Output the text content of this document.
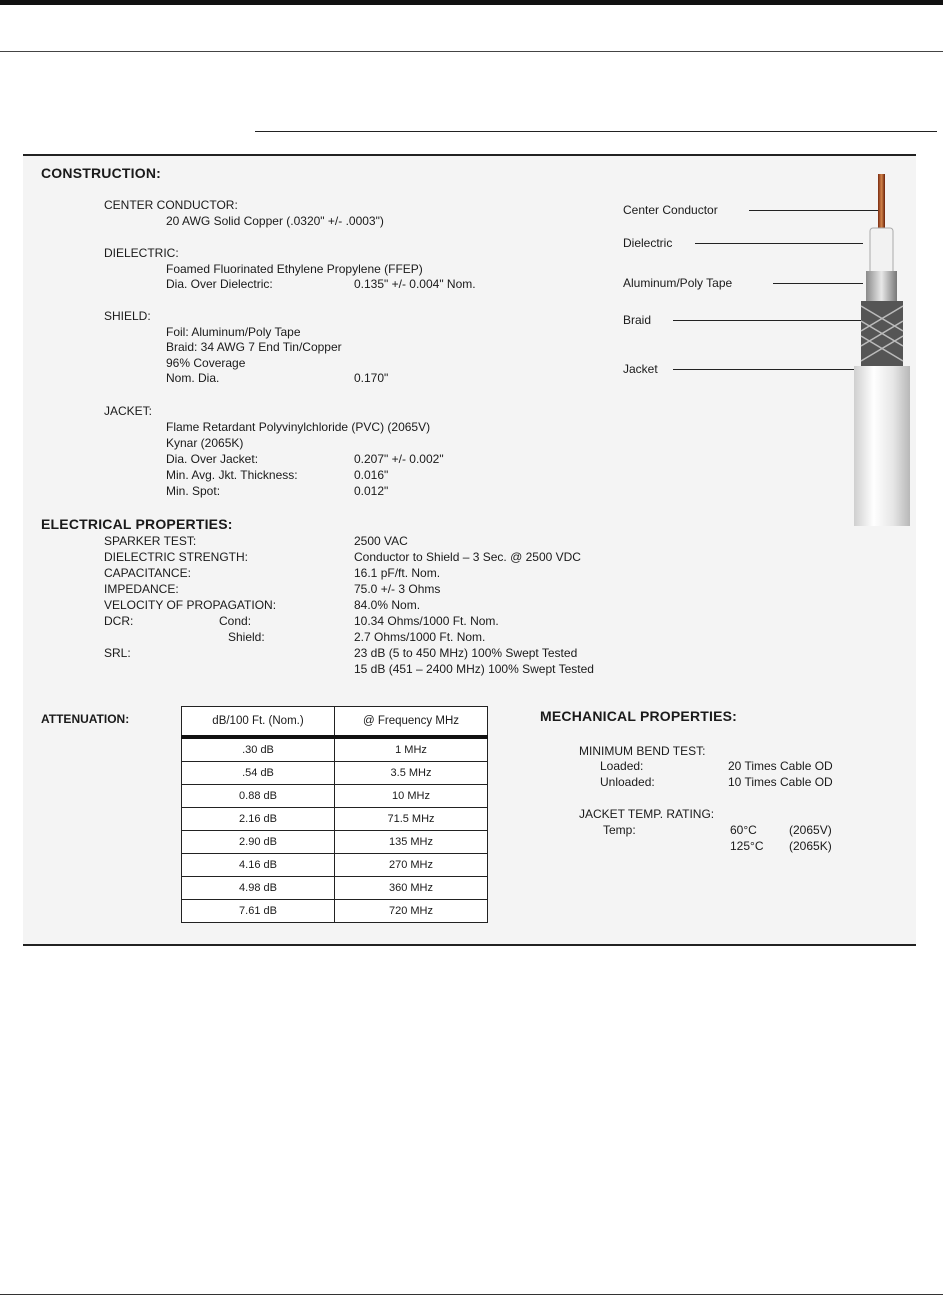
CONSTRUCTION:
CENTER CONDUCTOR:
20 AWG Solid Copper (.0320" +/- .0003")
DIELECTRIC:
Foamed Fluorinated Ethylene Propylene (FFEP)
Dia. Over Dielectric:	0.135" +/- 0.004" Nom.
SHIELD:
Foil: Aluminum/Poly Tape
Braid: 34 AWG 7 End Tin/Copper
96% Coverage
Nom. Dia.	0.170"
JACKET:
Flame Retardant Polyvinylchloride (PVC) (2065V)
Kynar (2065K)
Dia. Over Jacket:	0.207" +/- 0.002"
Min. Avg. Jkt. Thickness:	0.016"
Min. Spot:	0.012"
Center Conductor
Dielectric
Aluminum/Poly Tape
Braid
Jacket
ELECTRICAL PROPERTIES:
SPARKER TEST:	2500 VAC
DIELECTRIC STRENGTH:	Conductor to Shield – 3 Sec. @ 2500 VDC
CAPACITANCE:	16.1 pF/ft. Nom.
IMPEDANCE:	75.0 +/- 3 Ohms
VELOCITY OF PROPAGATION:	84.0% Nom.
DCR:	Cond:	10.34 Ohms/1000 Ft. Nom.
Shield:	2.7 Ohms/1000 Ft. Nom.
SRL:	23 dB (5 to 450 MHz) 100% Swept Tested
15 dB (451 – 2400 MHz) 100% Swept Tested
ATTENUATION:	dB/100 Ft. (Nom.)	@ Frequency MHz
.30 dB	1 MHz
.54 dB	3.5 MHz
0.88 dB	10 MHz
2.16 dB	71.5 MHz
2.90 dB	135 MHz
4.16 dB	270 MHz
4.98 dB	360 MHz
7.61 dB	720 MHz
MECHANICAL PROPERTIES:
MINIMUM BEND TEST:
Loaded:	20 Times Cable OD
Unloaded:	10 Times Cable OD
JACKET TEMP. RATING:
Temp:	60°C	(2065V)
125°C (2065K)
